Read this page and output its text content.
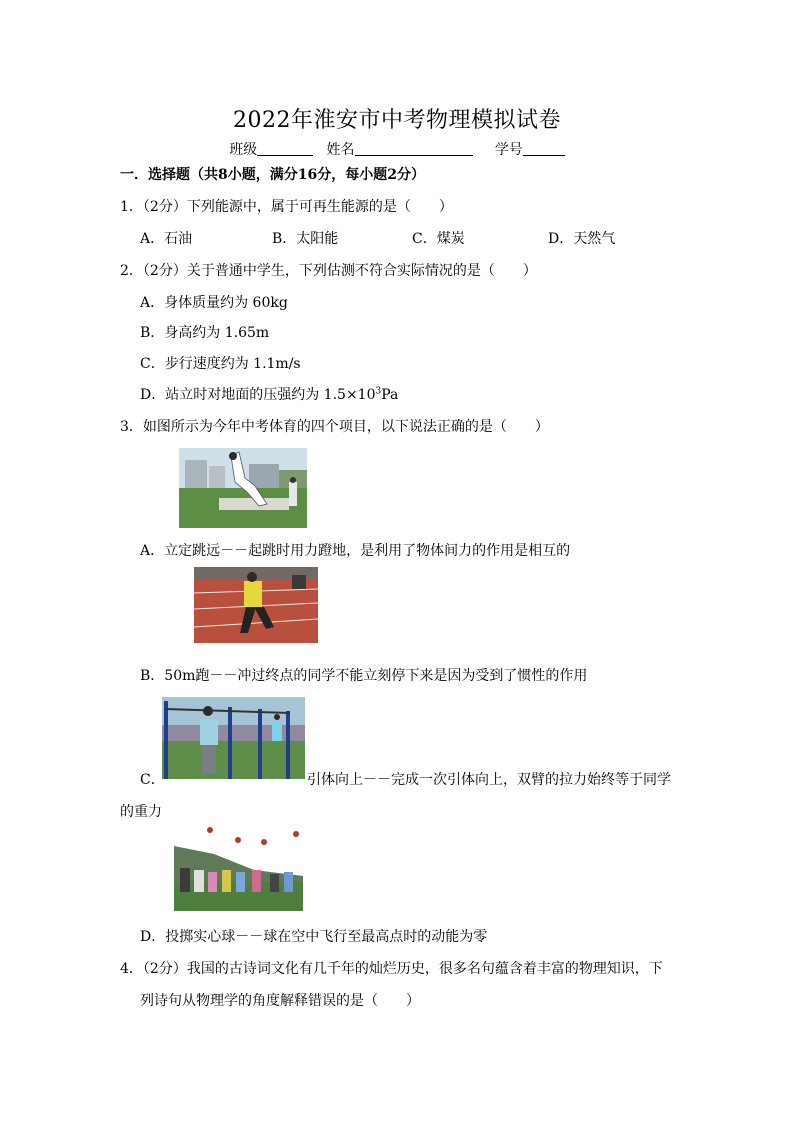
2022年淮安市中考物理模拟试卷
班级	姓名	学号
一．选择题（共8小题，满分16分，每小题2分）
1．（2分）下列能源中，属于可再生能源的是（　　）
A．石油	B．太阳能	C．煤炭	D．天然气
2．（2分）关于普通中学生，下列估测不符合实际情况的是（　　）
A．身体质量约为 60kg
B．身高约为 1.65m
C．步行速度约为 1.1m/s
D．站立时对地面的压强约为 $1.5\times 10^3Pa$
3．如图所示为今年中考体育的四个项目，以下说法正确的是（　　）
A．立定跳远－－起跳时用力蹬地，是利用了物体间力的作用是相互的
B．50m跑－－冲过终点的同学不能立刻停下来是因为受到了惯性的作用
C．	引体向上－－完成一次引体向上，双臂的拉力始终等于同学
的重力
D．投掷实心球－－球在空中飞行至最高点时的动能为零
4．（2分）我国的古诗词文化有几千年的灿烂历史，很多名句蕴含着丰富的物理知识，下
列诗句从物理学的角度解释错误的是（　　）
